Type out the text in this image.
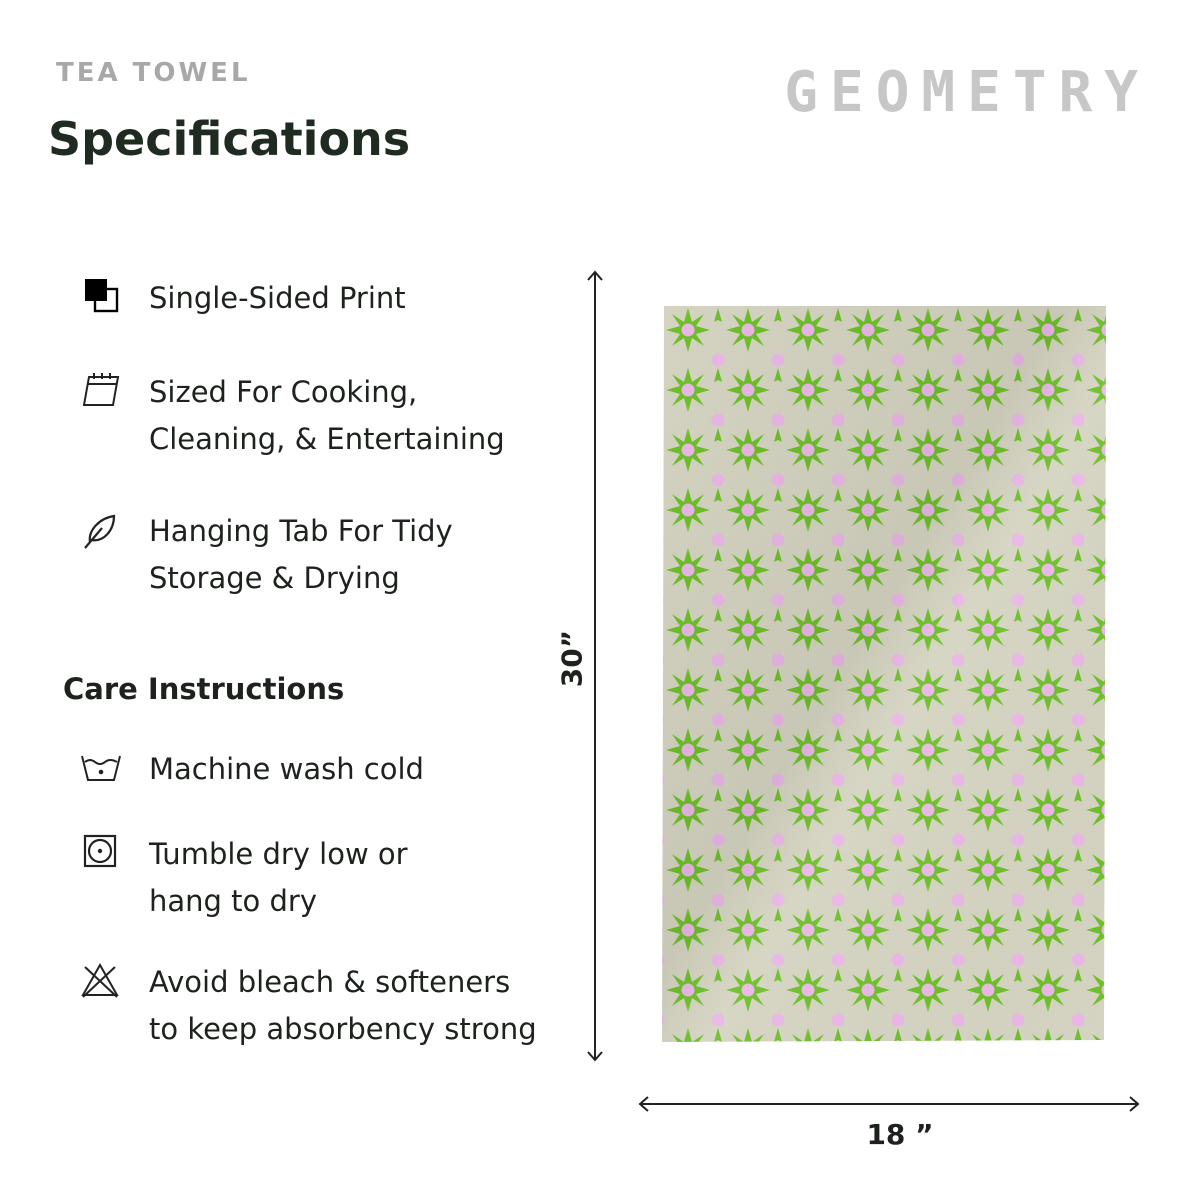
TEA TOWEL
Specifications
GEOMETRY
Single-Sided Print
Sized For Cooking,
Cleaning, & Entertaining
Hanging Tab For Tidy
Storage & Drying
Care Instructions
Machine wash cold
Tumble dry low or
hang to dry
Avoid bleach & softeners
to keep absorbency strong
30”
18 ”
